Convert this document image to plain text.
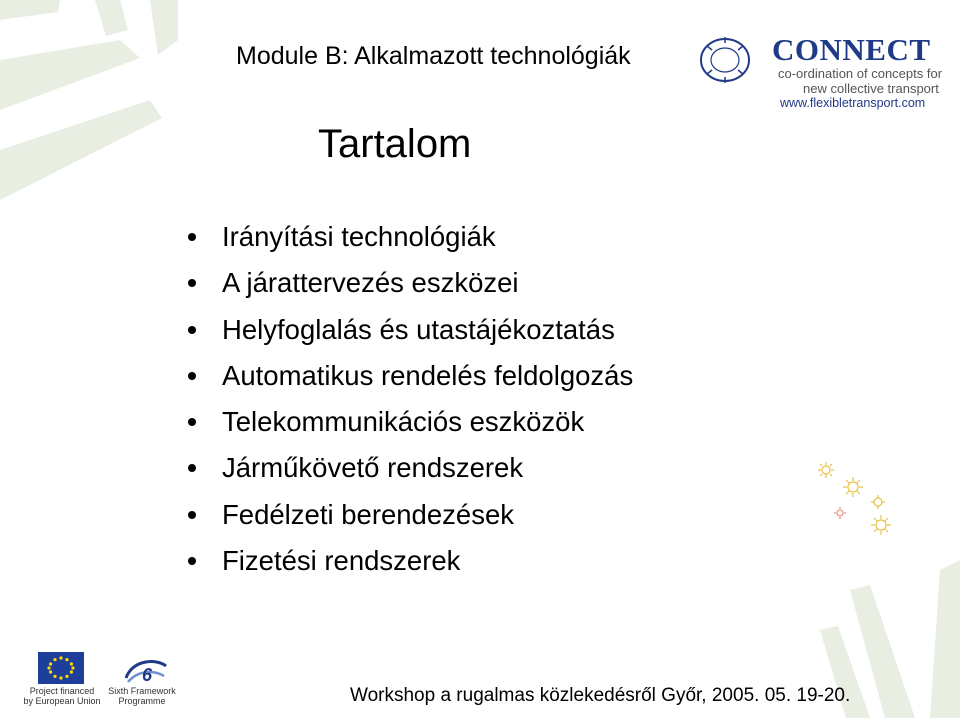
Module B: Alkalmazott technológiák	CONNECT
co-ordination of concepts for
new collective transport
www.flexibletransport.com
Tartalom
Irányítási technológiák
A járattervezés eszközei
Helyfoglalás és utastájékoztatás
Automatikus rendelés feldolgozás
Telekommunikációs eszközök
Járműkövető rendszerek
Fedélzeti berendezések
Fizetési rendszerek
Project financed
by European Union
6
Sixth Framework
Programme	Workshop a rugalmas közlekedésről Győr, 2005. 05. 19-20.
